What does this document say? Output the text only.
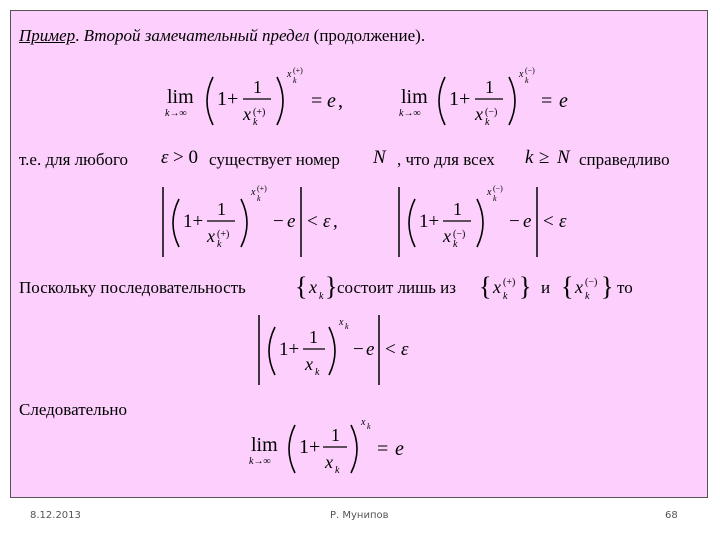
Пример. Второй замечательный предел (продолжение).
lim
k→∞
1+
1
x (+)
k
x (+)
k
= e ,	lim
k→∞
1+
1
x (−)
k
x (−)
k
= e
т.е. для любого ε > 0 существует номер N , что для всех k ≥ N справедливо
1+
1
x (+)
k
x (+)
k
− e < ε ,	1+
1
x (−)
k
x (−)
k
− e < ε
Поскольку последовательность { x k } состоит лишь из { x (+)
k } и { x (−)
k } то
1+
1
x k
x k
− e < ε
Следовательно
lim
k→∞
1+
1
x k
x k
= e
8.12.2013	Р. Мунипов	68
